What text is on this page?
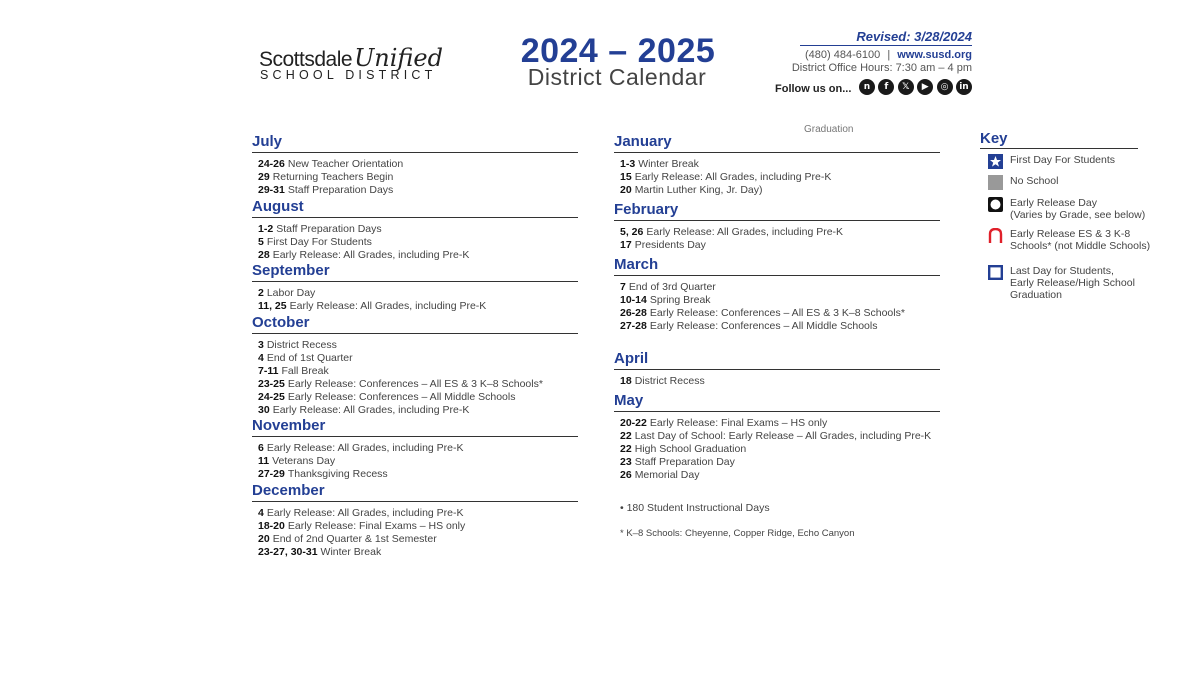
ScottsdaleUnified
SCHOOL DISTRICT
2024 – 2025
District Calendar
Revised: 3/28/2024
(480) 484-6100 | www.susd.org
District Office Hours: 7:30 am – 4 pm
Follow us on...	n	f	𝕏	▶	◎	in
Graduation
July
24-26 New Teacher Orientation
29 Returning Teachers Begin
29-31 Staff Preparation Days
August
1-2 Staff Preparation Days
5 First Day For Students
28 Early Release: All Grades, including Pre-K
September
2 Labor Day
11, 25 Early Release: All Grades, including Pre-K
October
3 District Recess
4 End of 1st Quarter
7-11 Fall Break
23-25 Early Release: Conferences – All ES & 3 K–8 Schools*
24-25 Early Release: Conferences – All Middle Schools
30 Early Release: All Grades, including Pre-K
November
6 Early Release: All Grades, including Pre-K
11 Veterans Day
27-29 Thanksgiving Recess
December
4 Early Release: All Grades, including Pre-K
18-20 Early Release: Final Exams – HS only
20 End of 2nd Quarter & 1st Semester
23-27, 30-31 Winter Break
January
1-3 Winter Break
15 Early Release: All Grades, including Pre-K
20 Martin Luther King, Jr. Day)
February
5, 26 Early Release: All Grades, including Pre-K
17 Presidents Day
March
7 End of 3rd Quarter
10-14 Spring Break
26-28 Early Release: Conferences – All ES & 3 K–8 Schools*
27-28 Early Release: Conferences – All Middle Schools
April
18 District Recess
May
20-22 Early Release: Final Exams – HS only
22 Last Day of School: Early Release – All Grades, including Pre-K
22 High School Graduation
23 Staff Preparation Day
26 Memorial Day
• 180 Student Instructional Days
* K–8 Schools: Cheyenne, Copper Ridge, Echo Canyon
Key
First Day For Students
No School
Early Release Day
(Varies by Grade, see below)
Early Release ES & 3 K-8
Schools* (not Middle Schools)
Last Day for Students,
Early Release/High School
Graduation
